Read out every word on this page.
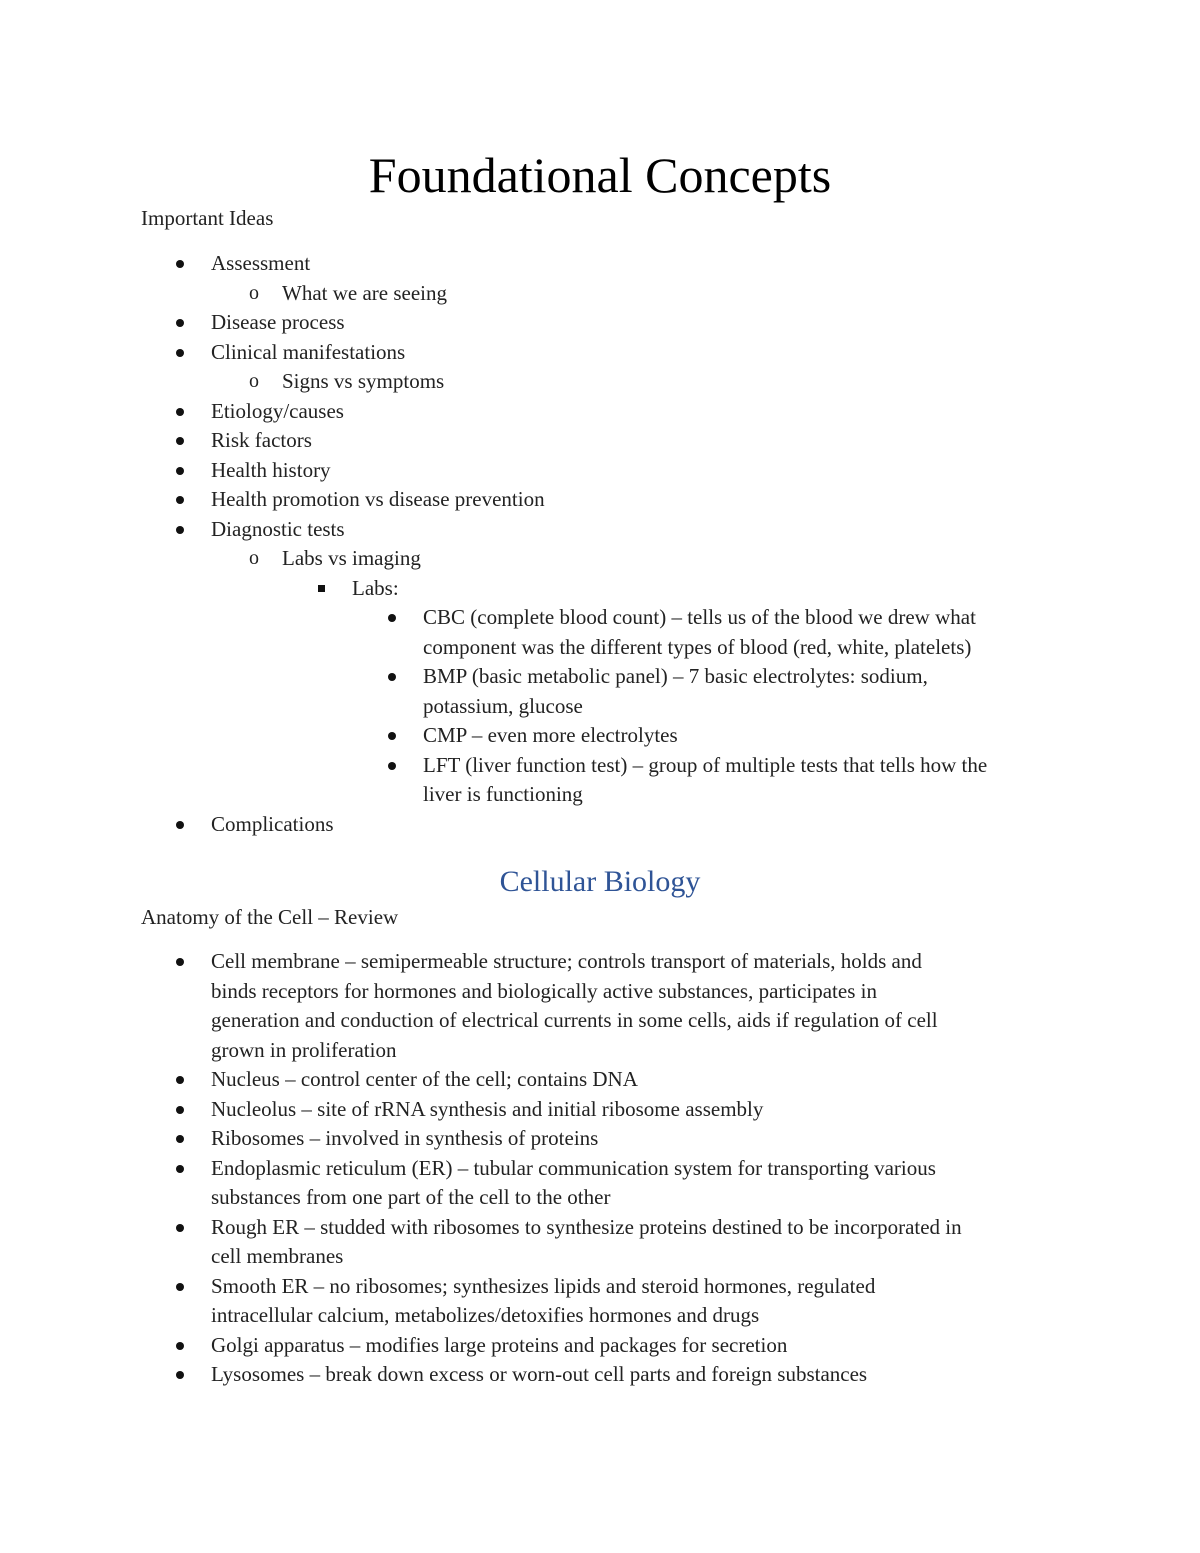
Foundational Concepts
Important Ideas
Assessment
o	What we are seeing
Disease process
Clinical manifestations
o	Signs vs symptoms
Etiology/causes
Risk factors
Health history
Health promotion vs disease prevention
Diagnostic tests
o	Labs vs imaging
Labs:
CBC (complete blood count) – tells us of the blood we drew what
component was the different types of blood (red, white, platelets)
BMP (basic metabolic panel) – 7 basic electrolytes: sodium,
potassium, glucose
CMP – even more electrolytes
LFT (liver function test) – group of multiple tests that tells how the
liver is functioning
Complications
Cellular Biology
Anatomy of the Cell – Review
Cell membrane – semipermeable structure; controls transport of materials, holds and
binds receptors for hormones and biologically active substances, participates in
generation and conduction of electrical currents in some cells, aids if regulation of cell
grown in proliferation
Nucleus – control center of the cell; contains DNA
Nucleolus – site of rRNA synthesis and initial ribosome assembly
Ribosomes – involved in synthesis of proteins
Endoplasmic reticulum (ER) – tubular communication system for transporting various
substances from one part of the cell to the other
Rough ER – studded with ribosomes to synthesize proteins destined to be incorporated in
cell membranes
Smooth ER – no ribosomes; synthesizes lipids and steroid hormones, regulated
intracellular calcium, metabolizes/detoxifies hormones and drugs
Golgi apparatus – modifies large proteins and packages for secretion
Lysosomes – break down excess or worn-out cell parts and foreign substances
